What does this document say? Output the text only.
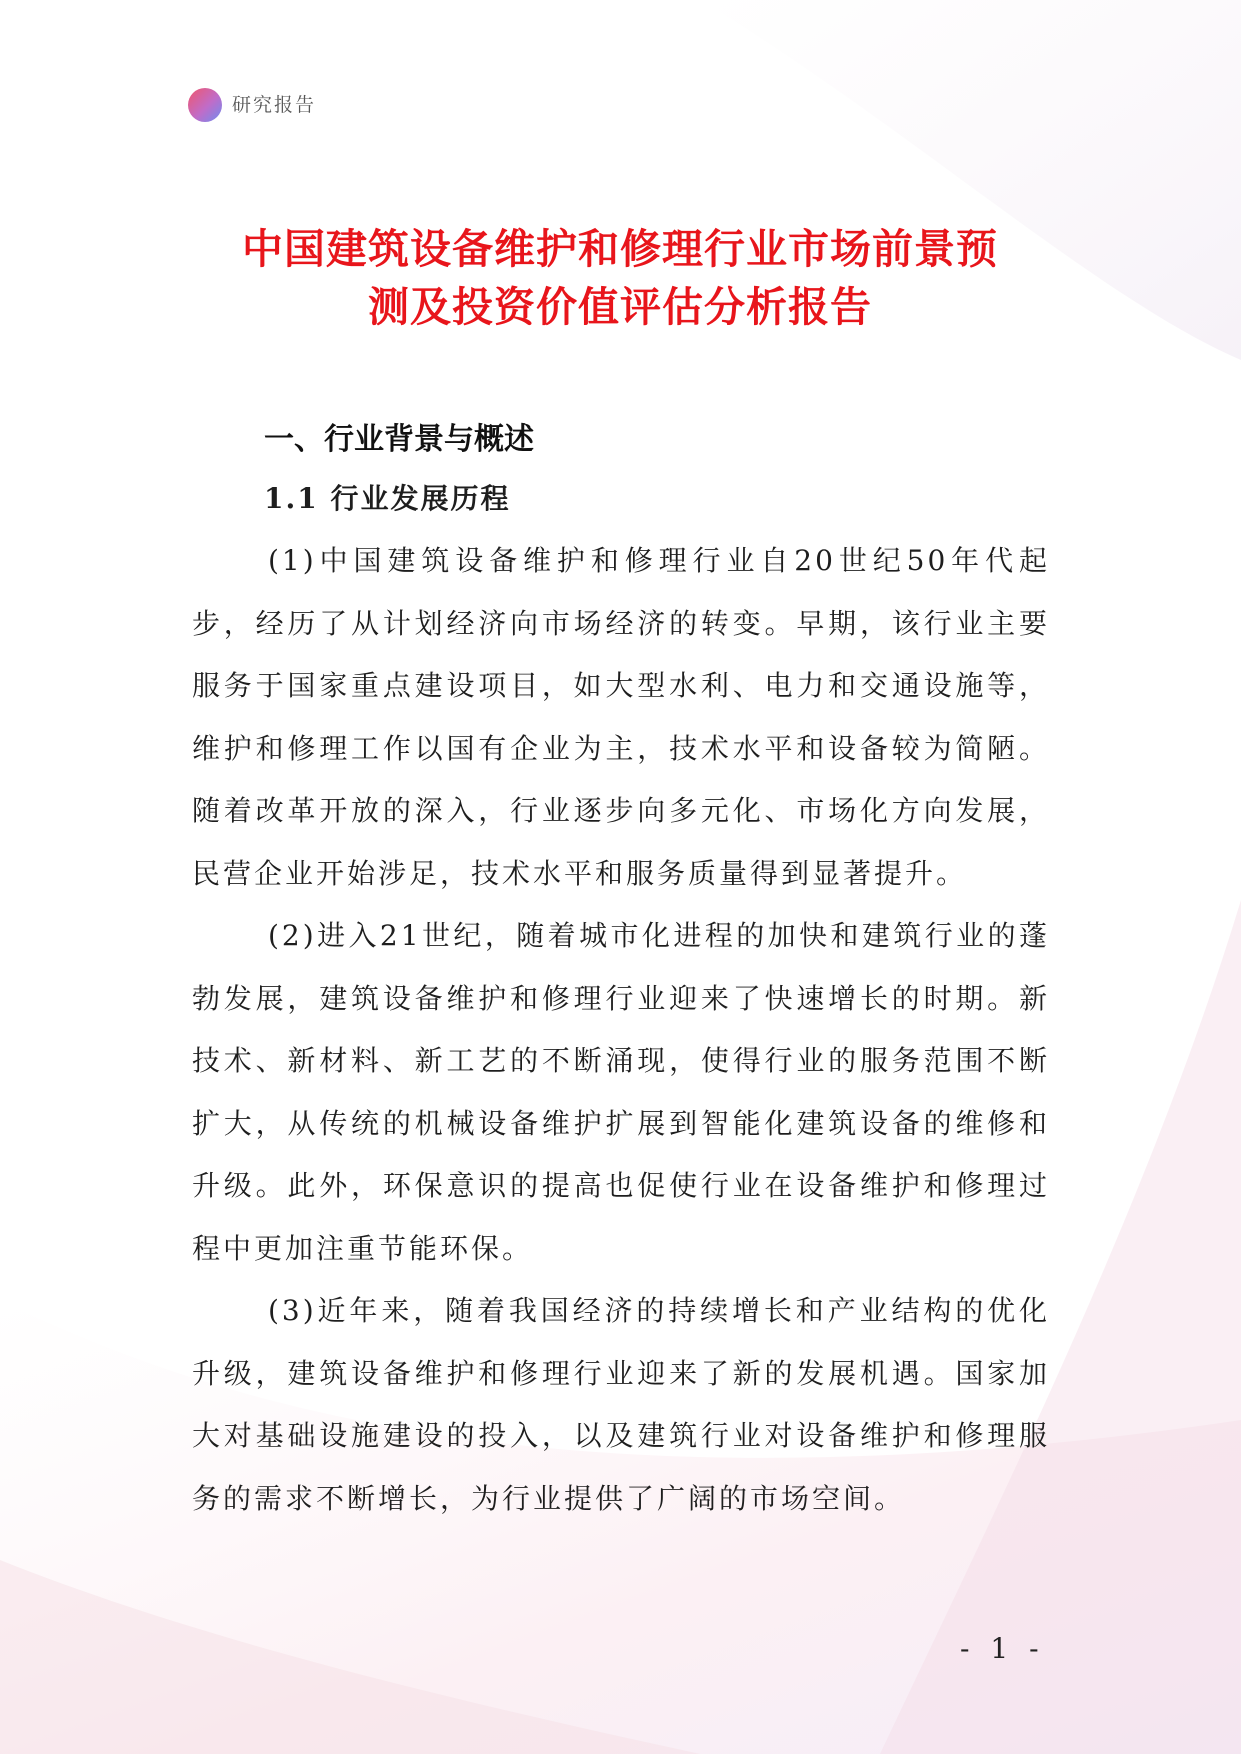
研究报告
中国建筑设备维护和修理行业市场前景预
测及投资价值评估分析报告
一、行业背景与概述
1.1 行业发展历程

(1)中国建筑设备维护和修理行业自20世纪50年代起步，经历了从计划经济向市场经济的转变。早期，该行业主要服务于国家重点建设项目，如大型水利、电力和交通设施等，维护和修理工作以国有企业为主，技术水平和设备较为简陋。随着改革开放的深入，行业逐步向多元化、市场化方向发展，民营企业开始涉足，技术水平和服务质量得到显著提升。

(2)进入21世纪，随着城市化进程的加快和建筑行业的蓬勃发展，建筑设备维护和修理行业迎来了快速增长的时期。新技术、新材料、新工艺的不断涌现，使得行业的服务范围不断扩大，从传统的机械设备维护扩展到智能化建筑设备的维修和升级。此外，环保意识的提高也促使行业在设备维护和修理过程中更加注重节能环保。

(3)近年来，随着我国经济的持续增长和产业结构的优化升级，建筑设备维护和修理行业迎来了新的发展机遇。国家加大对基础设施建设的投入，以及建筑行业对设备维护和修理服务的需求不断增长，为行业提供了广阔的市场空间。

- 1 -
